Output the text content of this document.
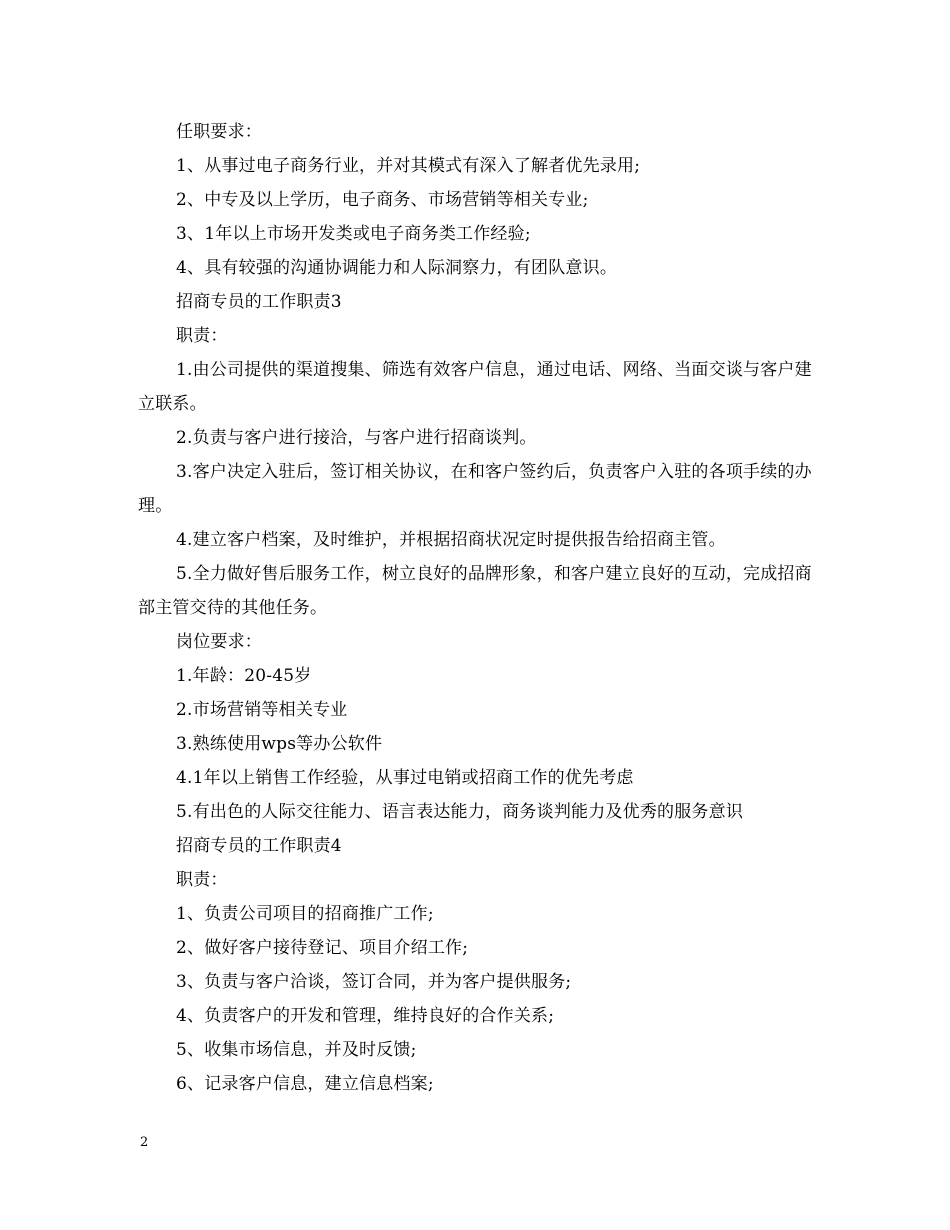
任职要求：

1、从事过电子商务行业，并对其模式有深入了解者优先录用;

2、中专及以上学历，电子商务、市场营销等相关专业;

3、1年以上市场开发类或电子商务类工作经验;

4、具有较强的沟通协调能力和人际洞察力，有团队意识。

招商专员的工作职责3

职责：

1.由公司提供的渠道搜集、筛选有效客户信息，通过电话、网络、当面交谈与客户建立联系。

2.负责与客户进行接洽，与客户进行招商谈判。

3.客户决定入驻后，签订相关协议，在和客户签约后，负责客户入驻的各项手续的办理。

4.建立客户档案，及时维护，并根据招商状况定时提供报告给招商主管。

5.全力做好售后服务工作，树立良好的品牌形象，和客户建立良好的互动，完成招商部主管交待的其他任务。

岗位要求：

1.年龄：20-45岁

2.市场营销等相关专业

3.熟练使用wps等办公软件

4.1年以上销售工作经验，从事过电销或招商工作的优先考虑

5.有出色的人际交往能力、语言表达能力，商务谈判能力及优秀的服务意识

招商专员的工作职责4

职责：

1、负责公司项目的招商推广工作;

2、做好客户接待登记、项目介绍工作;

3、负责与客户洽谈，签订合同，并为客户提供服务;

4、负责客户的开发和管理，维持良好的合作关系;

5、收集市场信息，并及时反馈;

6、记录客户信息，建立信息档案;

2
